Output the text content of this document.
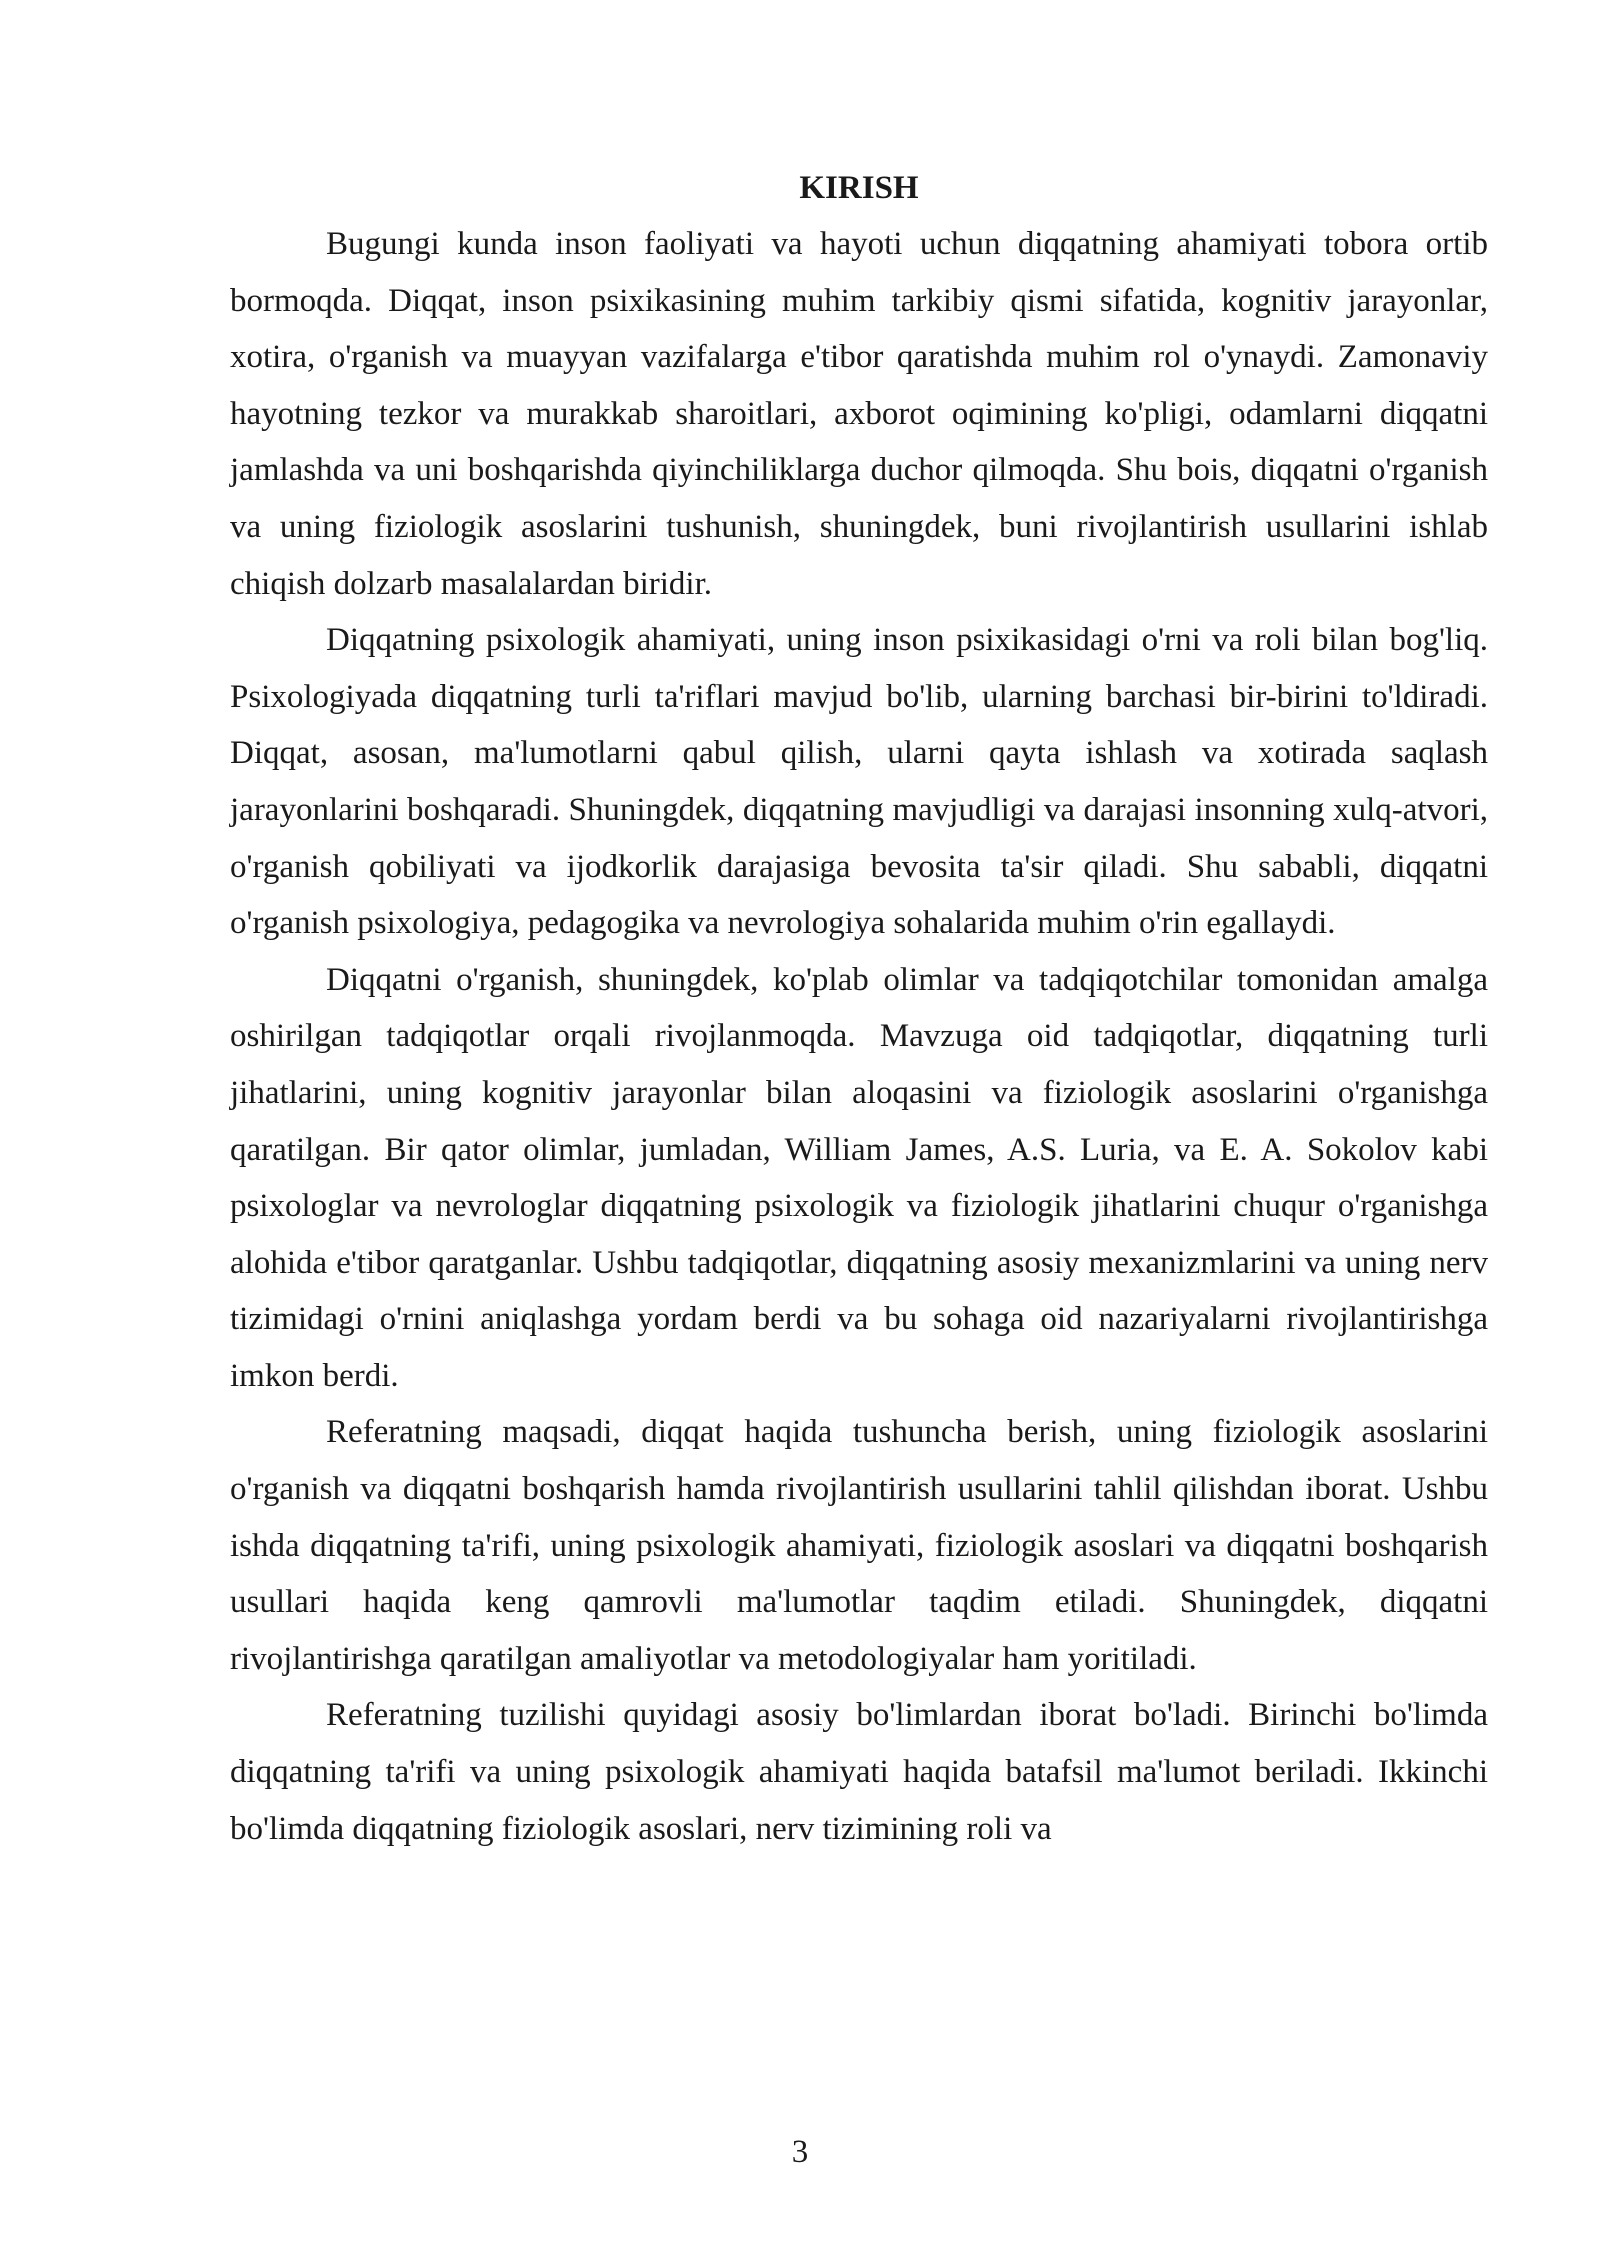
KIRISH

Bugungi kunda inson faoliyati va hayoti uchun diqqatning ahamiyati tobora ortib bormoqda. Diqqat, inson psixikasining muhim tarkibiy qismi sifatida, kognitiv jarayonlar, xotira, o'rganish va muayyan vazifalarga e'tibor qaratishda muhim rol o'ynaydi. Zamonaviy hayotning tezkor va murakkab sharoitlari, axborot oqimining ko'pligi, odamlarni diqqatni jamlashda va uni boshqarishda qiyinchiliklarga duchor qilmoqda. Shu bois, diqqatni o'rganish va uning fiziologik asoslarini tushunish, shuningdek, buni rivojlantirish usullarini ishlab chiqish dolzarb masalalardan biridir.

Diqqatning psixologik ahamiyati, uning inson psixikasidagi o'rni va roli bilan bog'liq. Psixologiyada diqqatning turli ta'riflari mavjud bo'lib, ularning barchasi bir-birini to'ldiradi. Diqqat, asosan, ma'lumotlarni qabul qilish, ularni qayta ishlash va xotirada saqlash jarayonlarini boshqaradi. Shuningdek, diqqatning mavjudligi va darajasi insonning xulq-atvori, o'rganish qobiliyati va ijodkorlik darajasiga bevosita ta'sir qiladi. Shu sababli, diqqatni o'rganish psixologiya, pedagogika va nevrologiya sohalarida muhim o'rin egallaydi.

Diqqatni o'rganish, shuningdek, ko'plab olimlar va tadqiqotchilar tomonidan amalga oshirilgan tadqiqotlar orqali rivojlanmoqda. Mavzuga oid tadqiqotlar, diqqatning turli jihatlarini, uning kognitiv jarayonlar bilan aloqasini va fiziologik asoslarini o'rganishga qaratilgan. Bir qator olimlar, jumladan, William James, A.S. Luria, va E. A. Sokolov kabi psixologlar va nevrologlar diqqatning psixologik va fiziologik jihatlarini chuqur o'rganishga alohida e'tibor qaratganlar. Ushbu tadqiqotlar, diqqatning asosiy mexanizmlarini va uning nerv tizimidagi o'rnini aniqlashga yordam berdi va bu sohaga oid nazariyalarni rivojlantirishga imkon berdi.

Referatning maqsadi, diqqat haqida tushuncha berish, uning fiziologik asoslarini o'rganish va diqqatni boshqarish hamda rivojlantirish usullarini tahlil qilishdan iborat. Ushbu ishda diqqatning ta'rifi, uning psixologik ahamiyati, fiziologik asoslari va diqqatni boshqarish usullari haqida keng qamrovli ma'lumotlar taqdim etiladi. Shuningdek, diqqatni rivojlantirishga qaratilgan amaliyotlar va metodologiyalar ham yoritiladi.

Referatning tuzilishi quyidagi asosiy bo'limlardan iborat bo'ladi. Birinchi bo'limda diqqatning ta'rifi va uning psixologik ahamiyati haqida batafsil ma'lumot beriladi. Ikkinchi bo'limda diqqatning fiziologik asoslari, nerv tizimining roli va

3
